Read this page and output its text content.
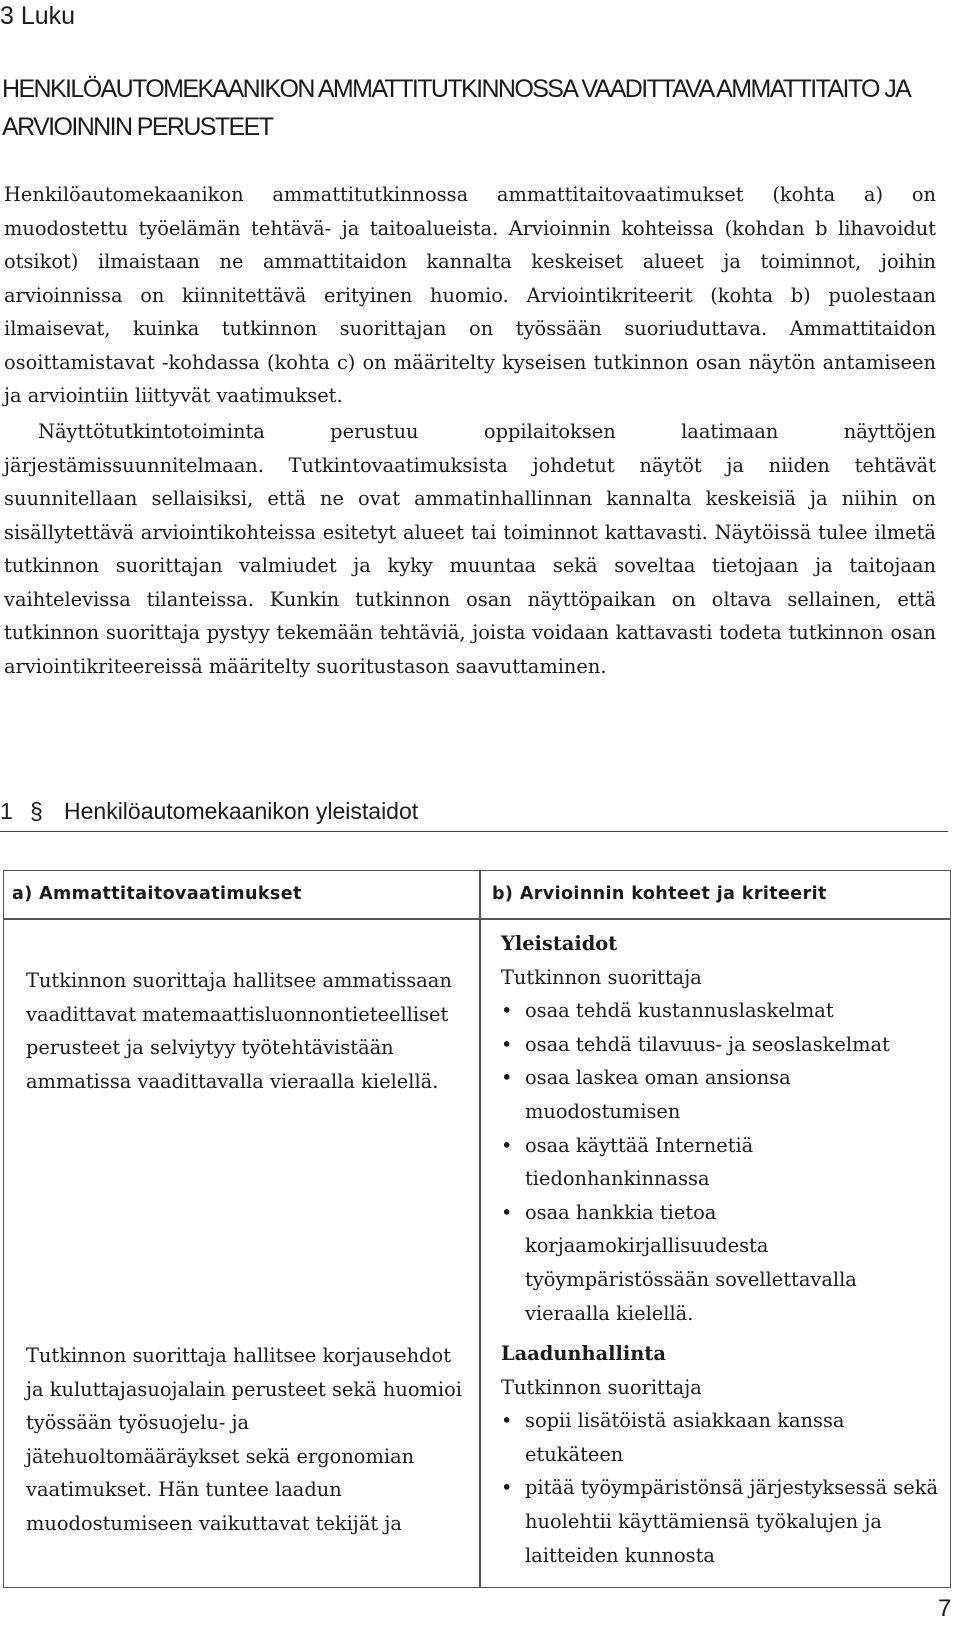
3 Luku
HENKILÖAUTOMEKAANIKON AMMATTITUTKINNOSSA VAADITTAVA AMMATTITAITO JA ARVIOINNIN PERUSTEET

Henkilöautomekaanikon ammattitutkinnossa ammattitaitovaatimukset (kohta a) on muodostettu työelämän tehtävä- ja taitoalueista. Arvioinnin kohteissa (kohdan b lihavoidut otsikot) ilmaistaan ne ammattitaidon kannalta keskeiset alueet ja toiminnot, joihin arvioinnissa on kiinnitettävä erityinen huomio. Arviointikriteerit (kohta b) puolestaan ilmaisevat, kuinka tutkinnon suorittajan on työssään suoriuduttava. Ammattitaidon osoittamistavat -kohdassa (kohta c) on määritelty kyseisen tutkinnon osan näytön antamiseen ja arviointiin liittyvät vaatimukset.

Näyttötutkintotoiminta perustuu oppilaitoksen laatimaan näyttöjen järjestämissuunnitelmaan. Tutkintovaatimuksista johdetut näytöt ja niiden tehtävät suunnitellaan sellaisiksi, että ne ovat ammatinhallinnan kannalta keskeisiä ja niihin on sisällytettävä arviointikohteissa esitetyt alueet tai toiminnot kattavasti. Näytöissä tulee ilmetä tutkinnon suorittajan valmiudet ja kyky muuntaa sekä soveltaa tietojaan ja taitojaan vaihtelevissa tilanteissa. Kunkin tutkinnon osan näyttöpaikan on oltava sellainen, että tutkinnon suorittaja pystyy tekemään tehtäviä, joista voidaan kattavasti todeta tutkinnon osan arviointikriteereissä määritelty suoritustason saavuttaminen.

1 § Henkilöautomekaanikon yleistaidot
a) Ammattitaitovaatimukset	b) Arvioinnin kohteet ja kriteerit

Tutkinnon suorittaja hallitsee ammatissaan vaadittavat matemaattisluonnontieteelliset perusteet ja selviytyy työtehtävistään ammatissa vaadittavalla vieraalla kielellä.

Tutkinnon suorittaja hallitsee korjausehdot ja kuluttajasuojalain perusteet sekä huomioi työssään työsuojelu- ja jätehuoltomääräykset sekä ergonomian vaatimukset. Hän tuntee laadun muodostumiseen vaikuttavat tekijät ja

Yleistaidot
Tutkinnon suorittaja
• osaa tehdä kustannuslaskelmat
• osaa tehdä tilavuus- ja seoslaskelmat
• osaa laskea oman ansionsa muodostumisen
• osaa käyttää Internetiä tiedonhankinnassa
• osaa hankkia tietoa korjaamokirjallisuudesta työympäristössään sovellettavalla vieraalla kielellä.
Laadunhallinta
Tutkinnon suorittaja
• sopii lisätöistä asiakkaan kanssa etukäteen
• pitää työympäristönsä järjestyksessä sekä huolehtii käyttämiensä työkalujen ja laitteiden kunnosta
7
